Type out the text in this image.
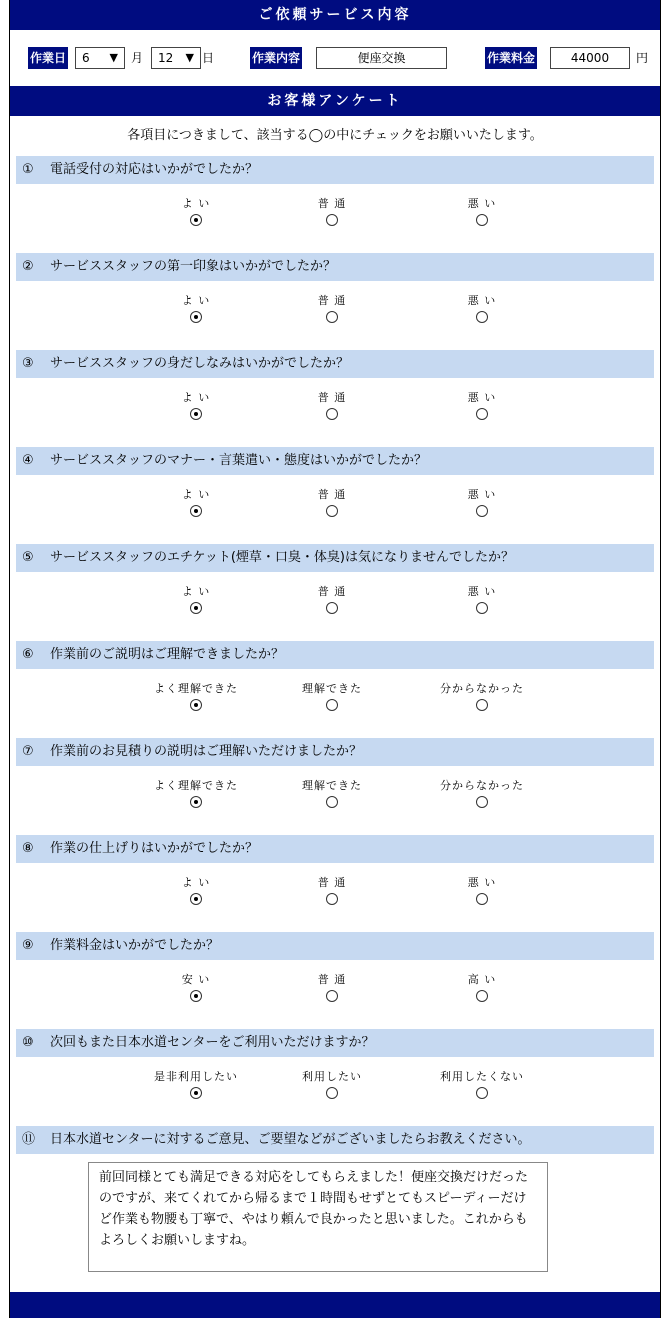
ご依頼サービス内容
作業日	6 ▼ 月	12 ▼ 日	作業内容	便座交換	作業料金	44000	円
お客様アンケート
各項目につきまして、該当する◯の中にチェックをお願いいたします。
① 電話受付の対応はいかがでしたか？
よ い	普 通	悪 い
② サービススタッフの第一印象はいかがでしたか？
よ い	普 通	悪 い
③ サービススタッフの身だしなみはいかがでしたか？
よ い	普 通	悪 い
④ サービススタッフのマナー・言葉遣い・態度はいかがでしたか？
よ い	普 通	悪 い
⑤ サービススタッフのエチケット(煙草・口臭・体臭)は気になりませんでしたか？
よ い	普 通	悪 い
⑥ 作業前のご説明はご理解できましたか？
よく理解できた	理解できた	分からなかった
⑦ 作業前のお見積りの説明はご理解いただけましたか？
よく理解できた	理解できた	分からなかった
⑧ 作業の仕上げりはいかがでしたか？
よ い	普 通	悪 い
⑨ 作業料金はいかがでしたか？
安 い	普 通	高 い
⑩ 次回もまた日本水道センターをご利用いただけますか？
是非利用したい	利用したい	利用したくない
⑪ 日本水道センターに対するご意見、ご要望などがございましたらお教えください。
前回同様とても満足できる対応をしてもらえました！便座交換だけだったのですが、来てくれてから帰るまで１時間もせずとてもスピーディーだけど作業も物腰も丁寧で、やはり頼んで良かったと思いました。これからもよろしくお願いしますね。
